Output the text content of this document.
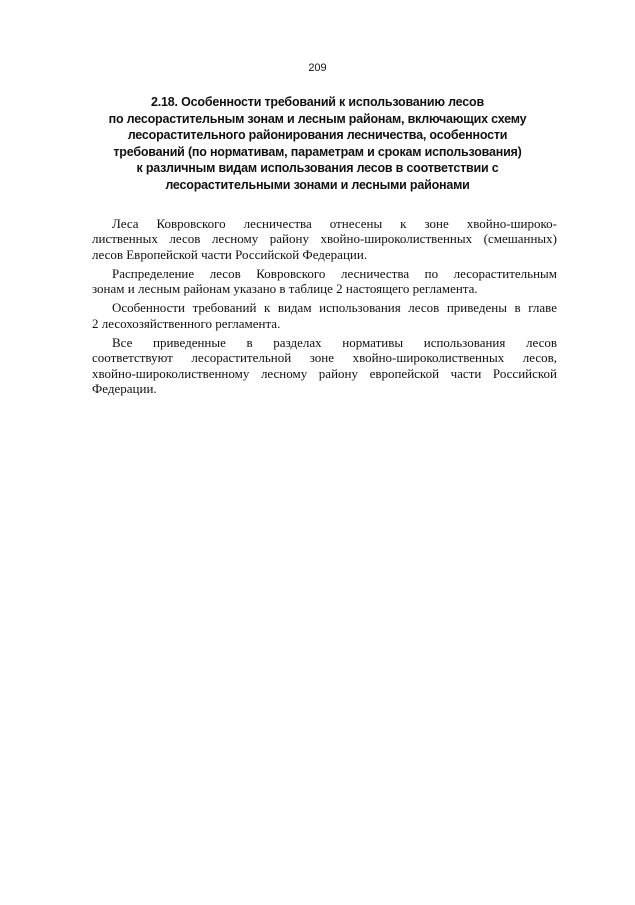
209
2.18. Особенности требований к использованию лесов
по лесорастительным зонам и лесным районам, включающих схему
лесорастительного районирования лесничества, особенности
требований (по нормативам, параметрам и срокам использования)
к различным видам использования лесов в соответствии с
лесорастительными зонами и лесными районами

Леса Ковровского лесничества отнесены к зоне хвойно-широко-
лиственных лесов лесному району хвойно-широколиственных (смешанных)
лесов Европейской части Российской Федерации.

Распределение лесов Ковровского лесничества по лесорастительным
зонам и лесным районам указано в таблице 2 настоящего регламента.

Особенности требований к видам использования лесов приведены в главе
2 лесохозяйственного регламента.

Все приведенные в разделах нормативы использования лесов
соответствуют лесорастительной зоне хвойно-широколиственных лесов,
хвойно-широколиственному лесному району европейской части Российской
Федерации.
